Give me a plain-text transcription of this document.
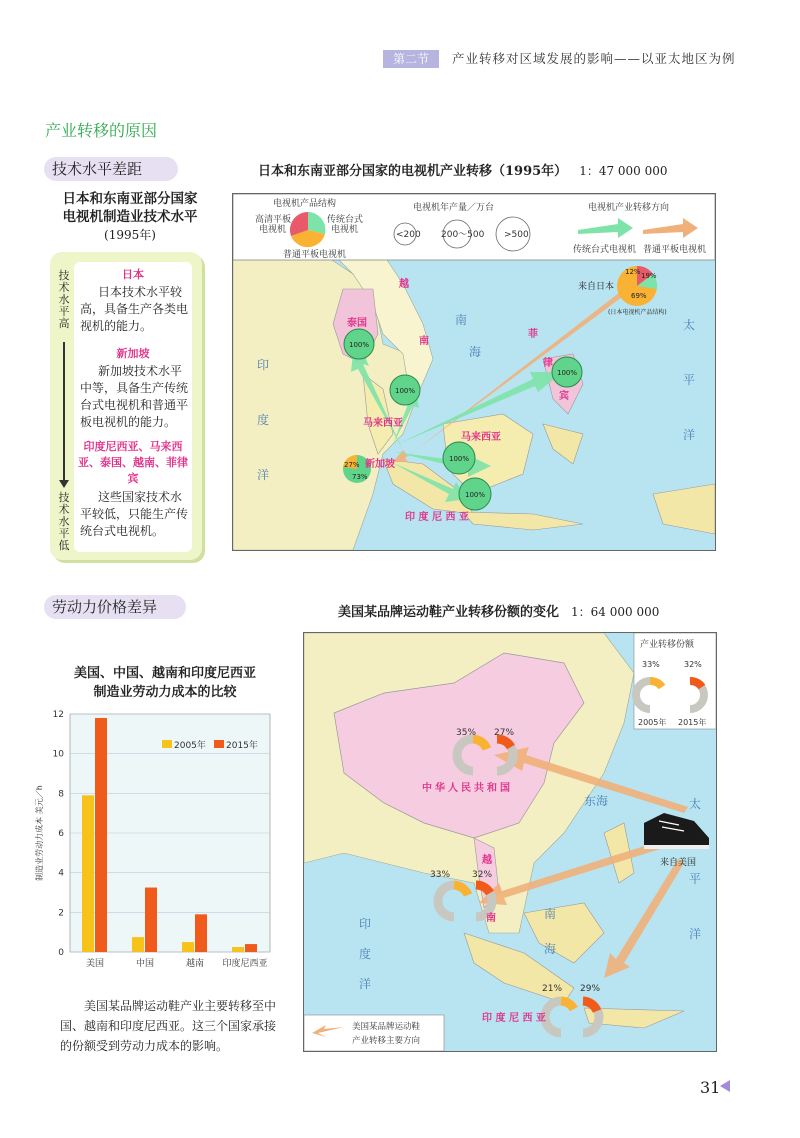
第二节	产业转移对区域发展的影响——以亚太地区为例
产业转移的原因
技术水平差距
日本和东南亚部分国家
电视机制造业技术水平
(1995年)
技术水平高
技术水平低
日本
日本技术水平较高，具备生产各类电视机的能力。
新加坡
新加坡技术水平中等，具备生产传统台式电视机和普通平板电视机的能力。
印度尼西亚、马来西亚、泰国、越南、菲律宾
这些国家技术水平较低，只能生产传统台式电视机。
日本和东南亚部分国家的电视机产业转移（1995年） 1：47 000 000
电视机产品结构
高清平板
电视机
传统台式
电视机
普通平板电视机
电视机年产量／万台
<200 200～500 >500
电视机产业转移方向
传统台式电视机 普通平板电视机
100%
100%
100%
100%
100%
27%
73%
12% 19%
69%
来自日本
(日本电视机产品结构)
越
南
泰国
马来西亚
马来西亚
新加坡
菲
律
宾
印 度 尼 西 亚
南
海
太
平
洋
印
度
洋
劳动力价格差异	美国某品牌运动鞋产业转移份额的变化 1：64 000 000
美国、中国、越南和印度尼西亚
制造业劳动力成本的比较
0
2
4
6
8
10
12
美国	中国	越南 印度尼西亚
2005年 2015年
制造业劳动力成本 美元／h
美国某品牌运动鞋产业主要转移至中国、越南和印度尼西亚。这三个国家承接的份额受到劳动力成本的影响。
产业转移份额
33%	32%
2005年 2015年
来自美国
35% 27%
33% 32%
21% 29%
中华人民共和国
东海
南
海
太
平
洋
印
度
洋
越
南
印 度 尼 西 亚
美国某品牌运动鞋
产业转移主要方向
31
